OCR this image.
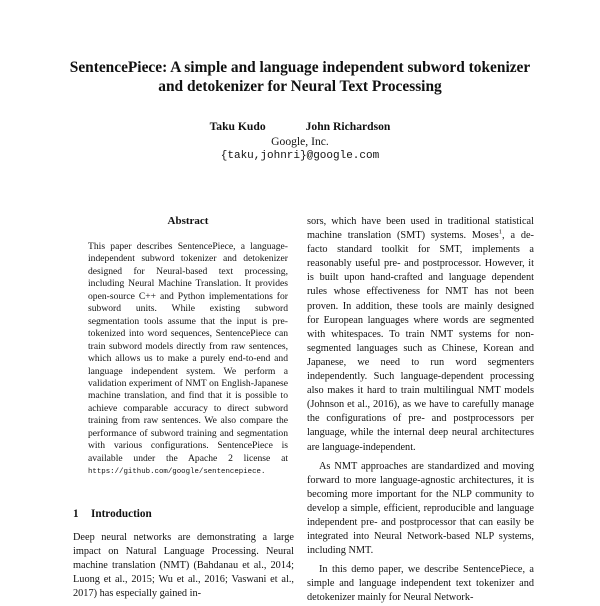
SentencePiece: A simple and language independent subword tokenizer
and detokenizer for Neural Text Processing
Taku Kudo	John Richardson
Google, Inc.
{taku,johnri}@google.com
Abstract

This paper describes SentencePiece, a language-independent subword tokenizer and detokenizer designed for Neural-based text processing, including Neural Machine Translation. It provides open-source C++ and Python implementations for subword units. While existing subword segmentation tools assume that the input is pre-tokenized into word sequences, SentencePiece can train subword models directly from raw sentences, which allows us to make a purely end-to-end and language independent system. We perform a validation experiment of NMT on English-Japanese machine translation, and find that it is possible to achieve comparable accuracy to direct subword training from raw sentences. We also compare the performance of subword training and segmentation with various configurations. SentencePiece is available under the Apache 2 license at https://github.com/google/sentencepiece.

1 Introduction

Deep neural networks are demonstrating a large impact on Natural Language Processing. Neural machine translation (NMT) (Bahdanau et al., 2014; Luong et al., 2015; Wu et al., 2016; Vaswani et al., 2017) has especially gained in-

sors, which have been used in traditional statistical machine translation (SMT) systems. Moses$^1$, a de-facto standard toolkit for SMT, implements a reasonably useful pre- and postprocessor. However, it is built upon hand-crafted and language dependent rules whose effectiveness for NMT has not been proven. In addition, these tools are mainly designed for European languages where words are segmented with whitespaces. To train NMT systems for non-segmented languages such as Chinese, Korean and Japanese, we need to run word segmenters independently. Such language-dependent processing also makes it hard to train multilingual NMT models (Johnson et al., 2016), as we have to carefully manage the configurations of pre- and postprocessors per language, while the internal deep neural architectures are language-independent.

As NMT approaches are standardized and moving forward to more language-agnostic architectures, it is becoming more important for the NLP community to develop a simple, efficient, reproducible and language independent pre- and postprocessor that can easily be integrated into Neural Network-based NLP systems, including NMT.

In this demo paper, we describe SentencePiece, a simple and language independent text tokenizer and detokenizer mainly for Neural Network-
